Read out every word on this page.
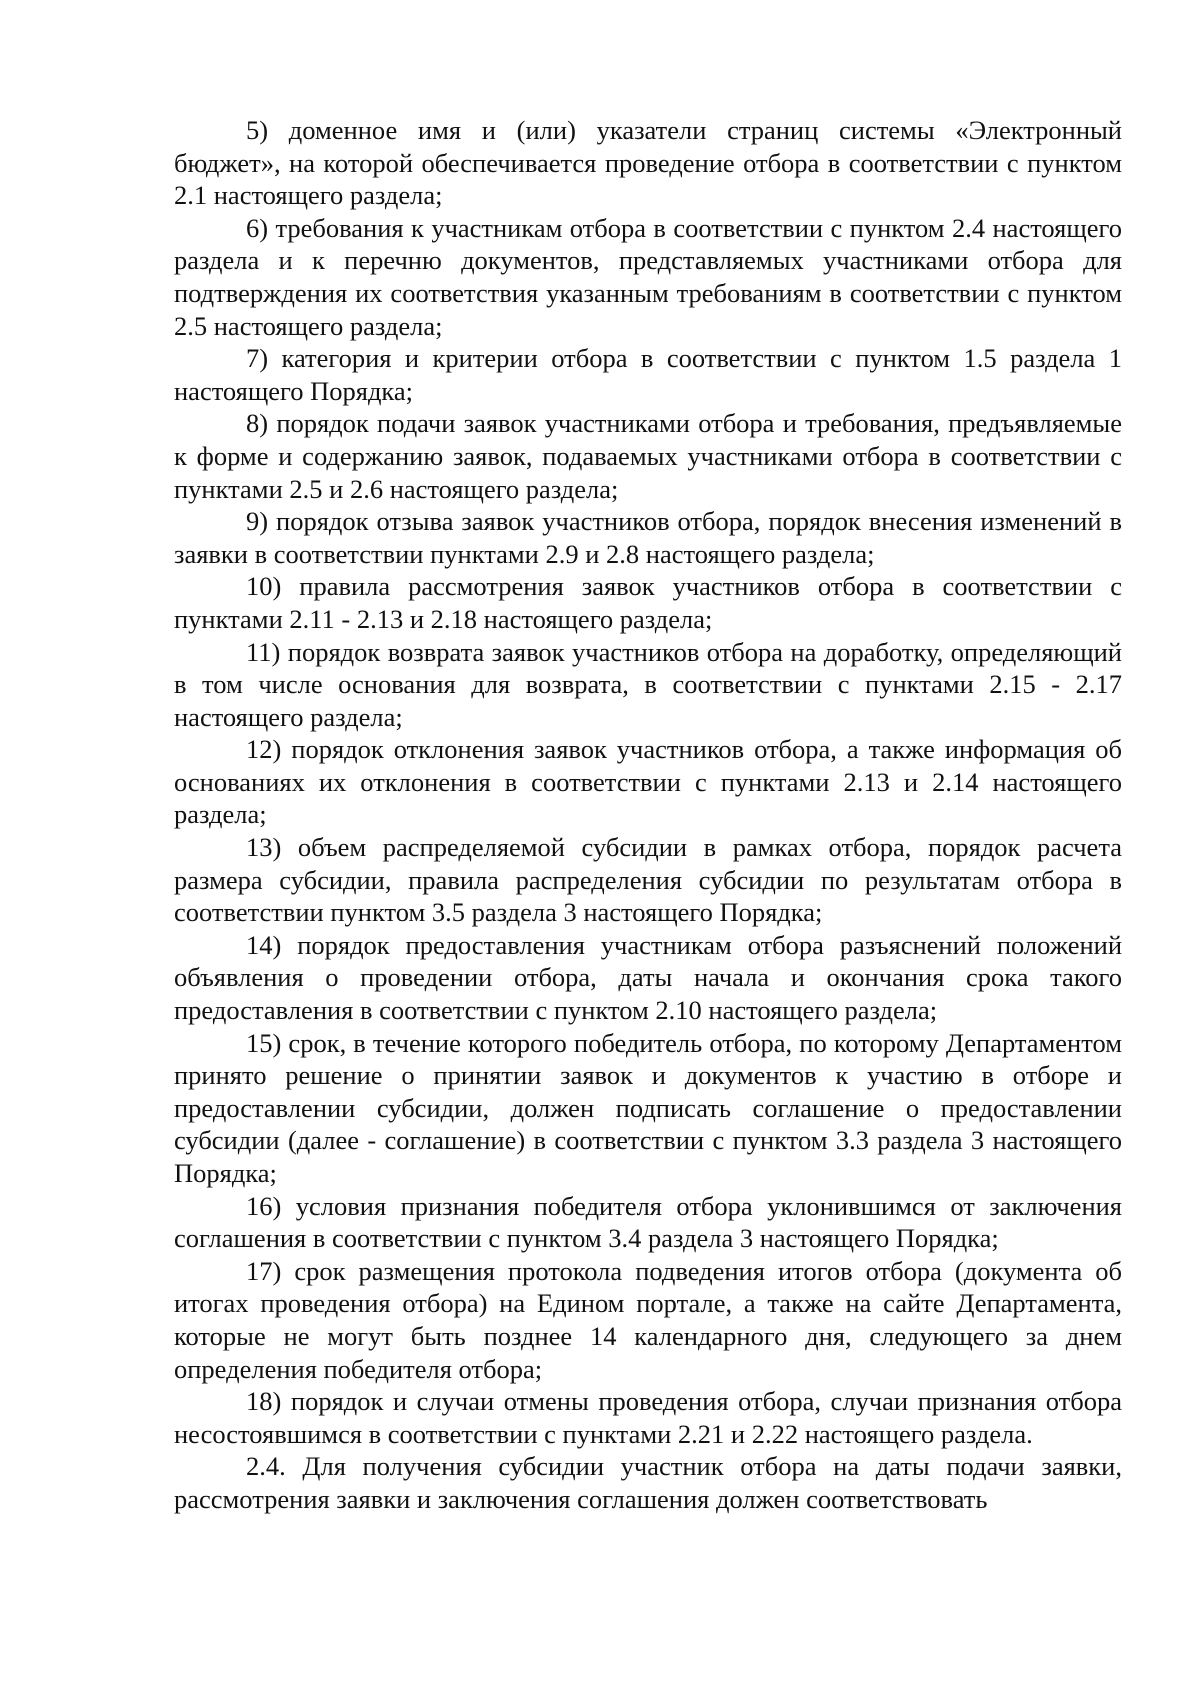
5) доменное имя и (или) указатели страниц системы «Электронный бюджет», на которой обеспечивается проведение отбора в соответствии с пунктом 2.1 настоящего раздела;

6) требования к участникам отбора в соответствии с пунктом 2.4 настоящего раздела и к перечню документов, представляемых участниками отбора для подтверждения их соответствия указанным требованиям в соответствии с пунктом 2.5 настоящего раздела;

7) категория и критерии отбора в соответствии с пунктом 1.5 раздела 1 настоящего Порядка;

8) порядок подачи заявок участниками отбора и требования, предъявляемые к форме и содержанию заявок, подаваемых участниками отбора в соответствии с пунктами 2.5 и 2.6 настоящего раздела;

9) порядок отзыва заявок участников отбора, порядок внесения изменений в заявки в соответствии пунктами 2.9 и 2.8 настоящего раздела;

10) правила рассмотрения заявок участников отбора в соответствии с пунктами 2.11 - 2.13 и 2.18 настоящего раздела;

11) порядок возврата заявок участников отбора на доработку, определяющий в том числе основания для возврата, в соответствии с пунктами 2.15 - 2.17 настоящего раздела;

12) порядок отклонения заявок участников отбора, а также информация об основаниях их отклонения в соответствии с пунктами 2.13 и 2.14 настоящего раздела;

13) объем распределяемой субсидии в рамках отбора, порядок расчета размера субсидии, правила распределения субсидии по результатам отбора в соответствии пунктом 3.5 раздела 3 настоящего Порядка;

14) порядок предоставления участникам отбора разъяснений положений объявления о проведении отбора, даты начала и окончания срока такого предоставления в соответствии с пунктом 2.10 настоящего раздела;

15) срок, в течение которого победитель отбора, по которому Департаментом принято решение о принятии заявок и документов к участию в отборе и предоставлении субсидии, должен подписать соглашение о предоставлении субсидии (далее - соглашение) в соответствии с пунктом 3.3 раздела 3 настоящего Порядка;

16) условия признания победителя отбора уклонившимся от заключения соглашения в соответствии с пунктом 3.4 раздела 3 настоящего Порядка;

17) срок размещения протокола подведения итогов отбора (документа об итогах проведения отбора) на Едином портале, а также на сайте Департамента, которые не могут быть позднее 14 календарного дня, следующего за днем определения победителя отбора;

18) порядок и случаи отмены проведения отбора, случаи признания отбора несостоявшимся в соответствии с пунктами 2.21 и 2.22 настоящего раздела.

2.4. Для получения субсидии участник отбора на даты подачи заявки, рассмотрения заявки и заключения соглашения должен соответствовать
